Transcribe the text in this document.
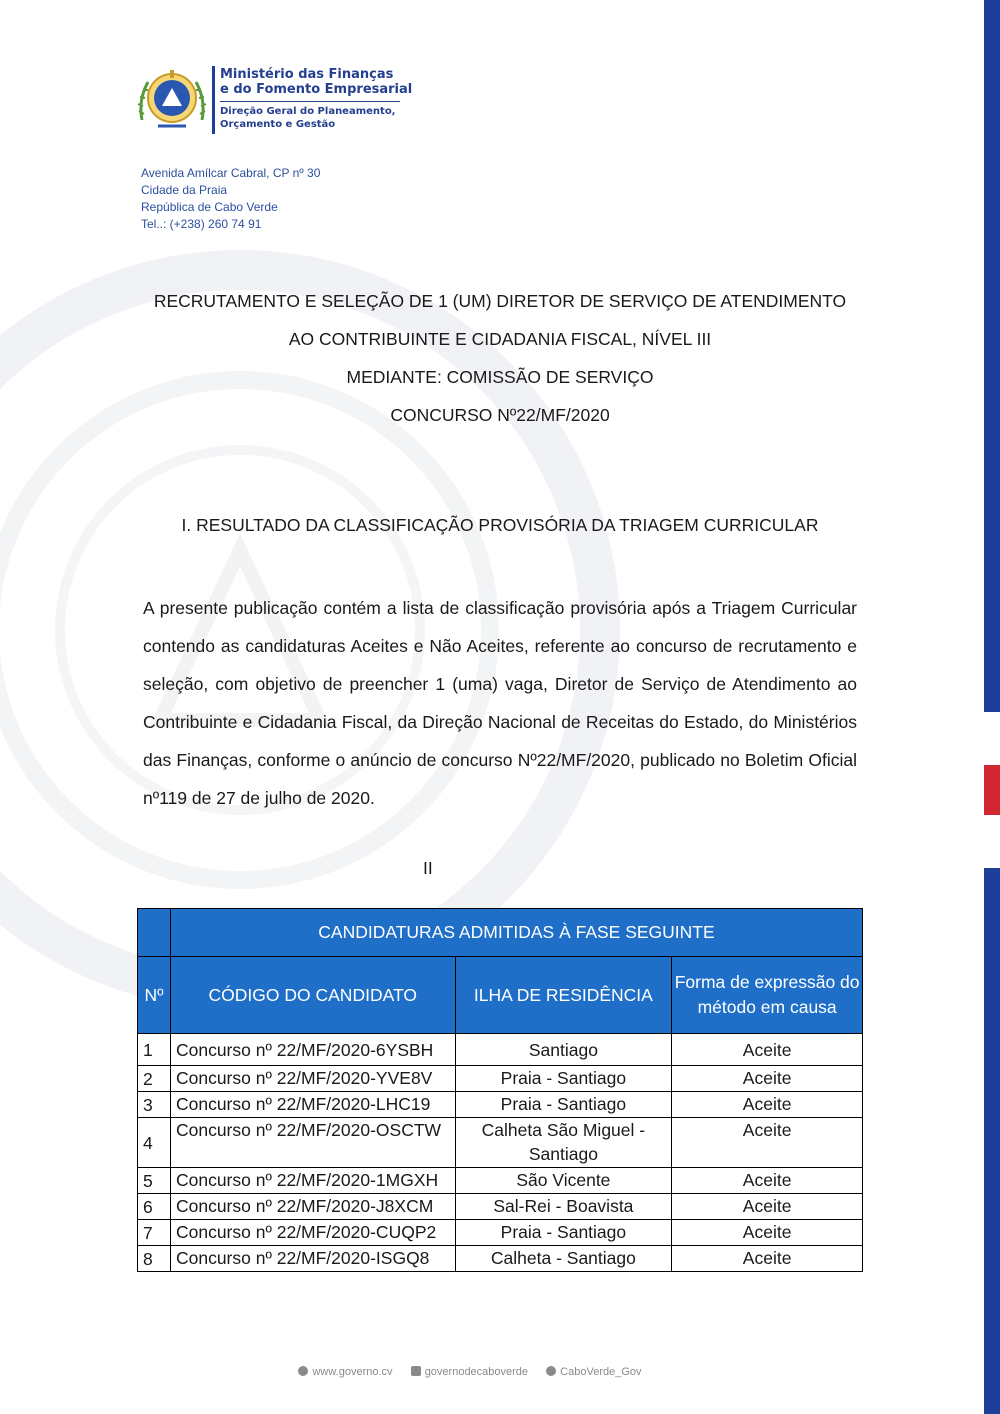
Ministério das Finanças
e do Fomento Empresarial
Direção Geral do Planeamento,
Orçamento e Gestão
Avenida Amílcar Cabral, CP nº 30
Cidade da Praia
República de Cabo Verde
Tel..: (+238) 260 74 91
RECRUTAMENTO E SELEÇÃO DE 1 (UM) DIRETOR DE SERVIÇO DE ATENDIMENTO
AO CONTRIBUINTE E CIDADANIA FISCAL, NÍVEL III
MEDIANTE: COMISSÃO DE SERVIÇO
CONCURSO Nº22/MF/2020
I. RESULTADO DA CLASSIFICAÇÃO PROVISÓRIA DA TRIAGEM CURRICULAR

A presente publicação contém a lista de classificação provisória após a Triagem Curricular contendo as candidaturas Aceites e Não Aceites, referente ao concurso de recrutamento e seleção, com objetivo de preencher 1 (uma) vaga, Diretor de Serviço de Atendimento ao Contribuinte e Cidadania Fiscal, da Direção Nacional de Receitas do Estado, do Ministérios das Finanças, conforme o anúncio de concurso Nº22/MF/2020, publicado no Boletim Oficial nº119 de 27 de julho de 2020.

II
	CANDIDATURAS ADMITIDAS À FASE SEGUINTE		
Nº	CÓDIGO DO CANDIDATO	ILHA DE RESIDÊNCIA	Forma de expressão do método em causa
1	Concurso nº 22/MF/2020-6YSBH	Santiago	Aceite
2	Concurso nº 22/MF/2020-YVE8V	Praia - Santiago	Aceite
3	Concurso nº 22/MF/2020-LHC19	Praia - Santiago	Aceite
4	Concurso nº 22/MF/2020-OSCTW	Calheta São Miguel - Santiago	Aceite
5	Concurso nº 22/MF/2020-1MGXH	São Vicente	Aceite
6	Concurso nº 22/MF/2020-J8XCM	Sal-Rei - Boavista	Aceite
7	Concurso nº 22/MF/2020-CUQP2	Praia - Santiago	Aceite
8	Concurso nº 22/MF/2020-ISGQ8	Calheta - Santiago	Aceite
www.governo.cv	governodecaboverde	CaboVerde_Gov
